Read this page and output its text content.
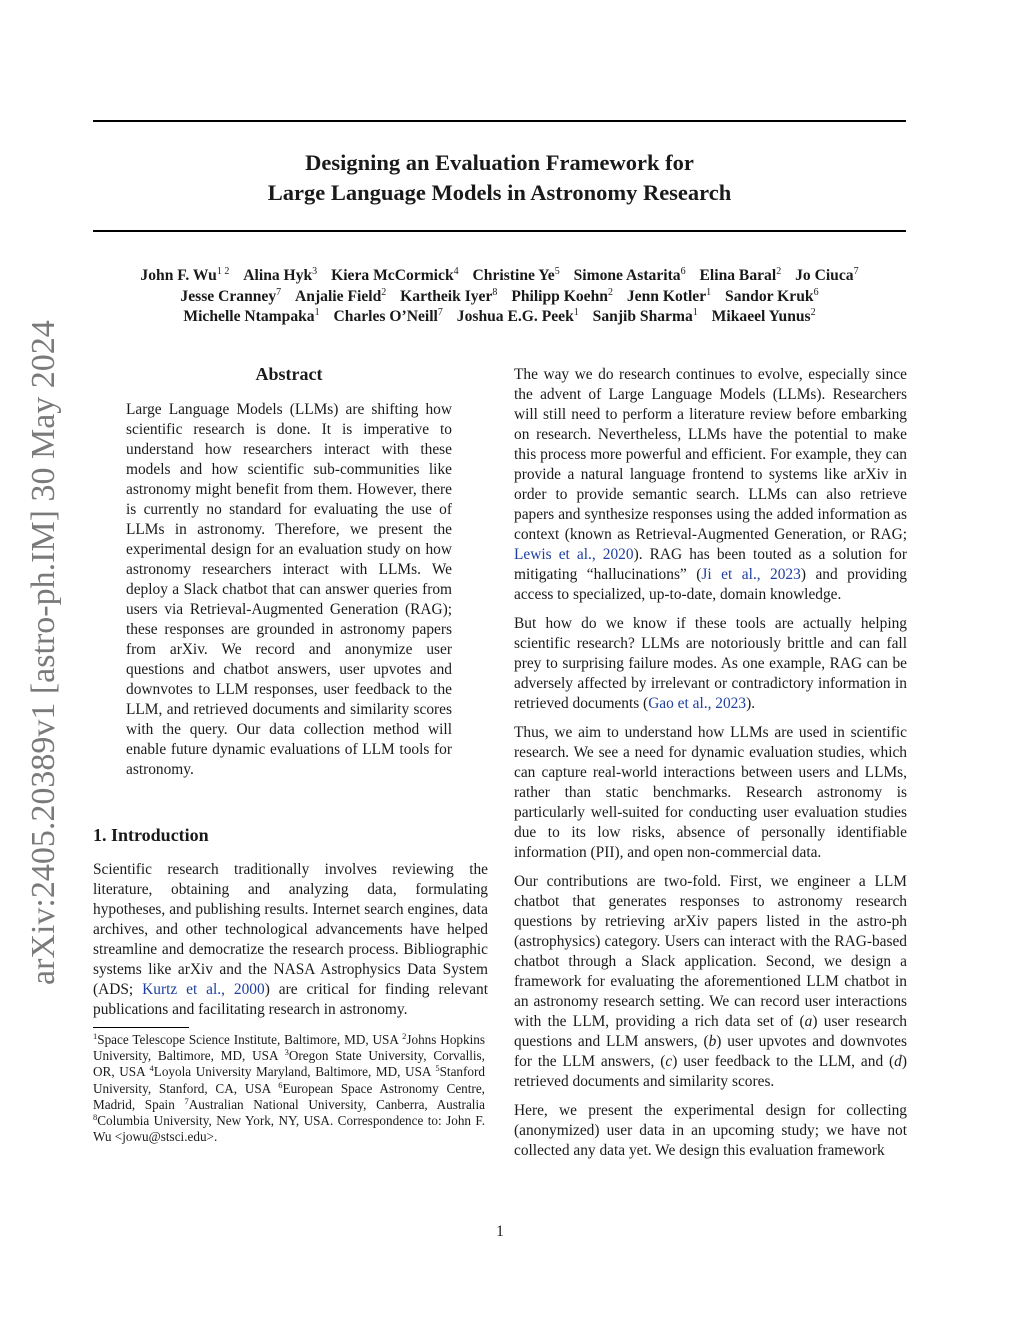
arXiv:2405.20389v1 [astro-ph.IM] 30 May 2024
Designing an Evaluation Framework for
Large Language Models in Astronomy Research
John F. $Wu^{1 2}$ Alina Hyk$^3$ Kiera McCormick$^4$ Christine Ye$^5$ Simone Astarita$^6$ Elina Baral$^2$ Jo Ciuca$^7$
Jesse Cranney$^7$ Anjalie Field$^2$ Kartheik Iyer$^8$ Philipp Koehn$^2$ Jenn Kotler$^1$ Sandor Kruk$^6$
Michelle Ntampaka$^1$ Charles O’Neill$^7$ Joshua E.G. Peek$^1$ Sanjib Sharma$^1$ Mikaeel Yunus$^2$
Abstract

Large Language Models (LLMs) are shifting how scientific research is done. It is imperative to understand how researchers interact with these models and how scientific sub-communities like astronomy might benefit from them. However, there is currently no standard for evaluating the use of LLMs in astronomy. Therefore, we present the experimental design for an evaluation study on how astronomy researchers interact with LLMs. We deploy a Slack chatbot that can answer queries from users via Retrieval-Augmented Generation (RAG); these responses are grounded in astronomy papers from arXiv. We record and anonymize user questions and chatbot answers, user upvotes and downvotes to LLM responses, user feedback to the LLM, and retrieved documents and similarity scores with the query. Our data collection method will enable future dynamic evaluations of LLM tools for astronomy.

1. Introduction

Scientific research traditionally involves reviewing the literature, obtaining and analyzing data, formulating hypotheses, and publishing results. Internet search engines, data archives, and other technological advancements have helped streamline and democratize the research process. Bibliographic systems like arXiv and the NASA Astrophysics Data System (ADS; Kurtz et al., 2000) are critical for finding relevant publications and facilitating research in astronomy.

$^1$Space Telescope Science Institute, Baltimore, MD, USA $^2$Johns Hopkins University, Baltimore, MD, USA $^3$Oregon State University, Corvallis, OR, USA $^4$Loyola University Maryland, Baltimore, MD, USA $^5$Stanford University, Stanford, CA, USA $^6$European Space Astronomy Centre, Madrid, Spain $^7$Australian National University, Canberra, Australia $^8$Columbia University, New York, NY, USA. Correspondence to: John F. Wu <jowu@stsci.edu>.

The way we do research continues to evolve, especially since the advent of Large Language Models (LLMs). Researchers will still need to perform a literature review before embarking on research. Nevertheless, LLMs have the potential to make this process more powerful and efficient. For example, they can provide a natural language frontend to systems like arXiv in order to provide semantic search. LLMs can also retrieve papers and synthesize responses using the added information as context (known as Retrieval-Augmented Generation, or RAG; Lewis et al., 2020). RAG has been touted as a solution for mitigating “hallucinations” (Ji et al., 2023) and providing access to specialized, up-to-date, domain knowledge.

But how do we know if these tools are actually helping scientific research? LLMs are notoriously brittle and can fall prey to surprising failure modes. As one example, RAG can be adversely affected by irrelevant or contradictory information in retrieved documents (Gao et al., 2023).

Thus, we aim to understand how LLMs are used in scientific research. We see a need for dynamic evaluation studies, which can capture real-world interactions between users and LLMs, rather than static benchmarks. Research astronomy is particularly well-suited for conducting user evaluation studies due to its low risks, absence of personally identifiable information (PII), and open non-commercial data.

Our contributions are two-fold. First, we engineer a LLM chatbot that generates responses to astronomy research questions by retrieving arXiv papers listed in the astro-ph (astrophysics) category. Users can interact with the RAG-based chatbot through a Slack application. Second, we design a framework for evaluating the aforementioned LLM chatbot in an astronomy research setting. We can record user interactions with the LLM, providing a rich data set of (a) user research questions and LLM answers, (b) user upvotes and downvotes for the LLM answers, (c) user feedback to the LLM, and (d) retrieved documents and similarity scores.

Here, we present the experimental design for collecting (anonymized) user data in an upcoming study; we have not collected any data yet. We design this evaluation framework

1
